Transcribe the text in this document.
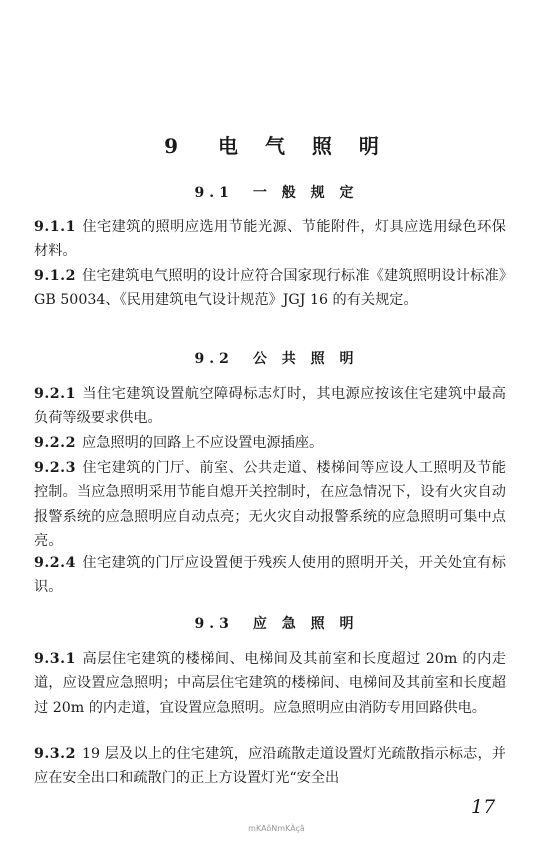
9　电 气 照 明
9.1　一 般 规 定
9.1.1 住宅建筑的照明应选用节能光源、节能附件，灯具应选用绿色环保材料。
9.1.2 住宅建筑电气照明的设计应符合国家现行标准《建筑照明设计标准》GB 50034、《民用建筑电气设计规范》JGJ 16 的有关规定。
9.2　公 共 照 明
9.2.1 当住宅建筑设置航空障碍标志灯时，其电源应按该住宅建筑中最高负荷等级要求供电。
9.2.2 应急照明的回路上不应设置电源插座。
9.2.3 住宅建筑的门厅、前室、公共走道、楼梯间等应设人工照明及节能控制。当应急照明采用节能自熄开关控制时，在应急情况下，设有火灾自动报警系统的应急照明应自动点亮；无火灾自动报警系统的应急照明可集中点亮。
9.2.4 住宅建筑的门厅应设置便于残疾人使用的照明开关，开关处宜有标识。
9.3　应 急 照 明
9.3.1 高层住宅建筑的楼梯间、电梯间及其前室和长度超过 20m 的内走道，应设置应急照明；中高层住宅建筑的楼梯间、电梯间及其前室和长度超过 20m 的内走道，宜设置应急照明。应急照明应由消防专用回路供电。
9.3.2 19 层及以上的住宅建筑，应沿疏散走道设置灯光疏散指示标志，并应在安全出口和疏散门的正上方设置灯光“安全出
17
mKAôNmKÀçâ
